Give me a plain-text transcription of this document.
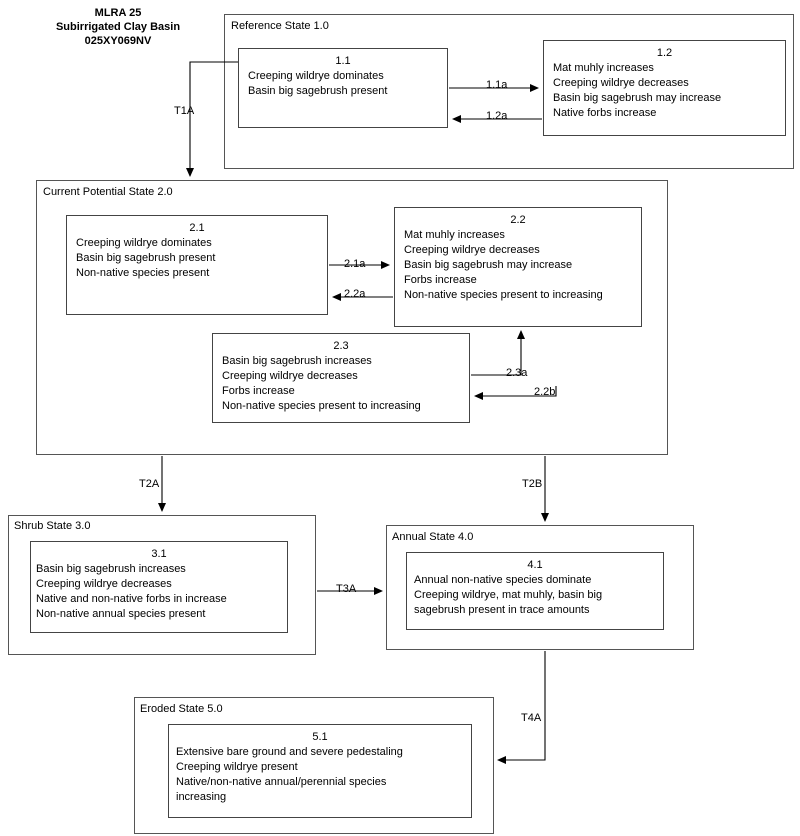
MLRA 25
Subirrigated Clay Basin
025XY069NV
Reference State 1.0
1.1
Creeping wildrye dominates
Basin big sagebrush present
1.2
Mat muhly increases
Creeping wildrye decreases
Basin big sagebrush may increase
Native forbs increase
Current Potential State 2.0
2.1
Creeping wildrye dominates
Basin big sagebrush present
Non-native species present
2.2
Mat muhly increases
Creeping wildrye decreases
Basin big sagebrush may increase
Forbs increase
Non-native species present to increasing
2.3
Basin big sagebrush increases
Creeping wildrye decreases
Forbs increase
Non-native species present to increasing
Shrub State 3.0
3.1
Basin big sagebrush increases
Creeping wildrye decreases
Native and non-native forbs in increase
Non-native annual species present
Annual State 4.0
4.1
Annual non-native species dominate
Creeping wildrye, mat muhly, basin big
sagebrush present in trace amounts
Eroded State 5.0
5.1
Extensive bare ground and severe pedestaling
Creeping wildrye present
Native/non-native annual/perennial species
increasing
T1A
T2A	T2B
T3A
T4A
1.1a
1.2a
2.1a
2.2a
2.3a
2.2b
